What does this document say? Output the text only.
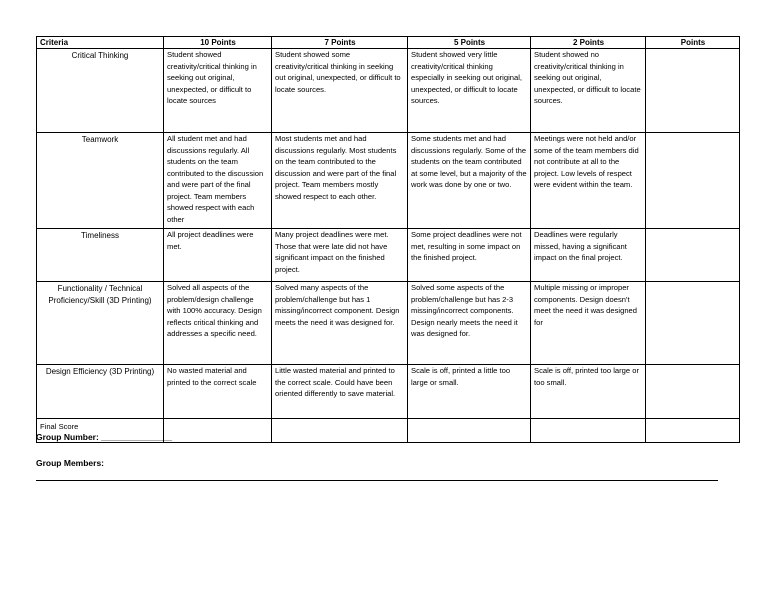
Criteria	10 Points	7 Points	5 Points	2 Points	Points
Critical Thinking	Student showed creativity/critical thinking in seeking out original, unexpected, or difficult to locate sources	Student showed some creativity/critical thinking in seeking out original, unexpected, or difficult to locate sources.	Student showed very little creativity/critical thinking especially in seeking out original, unexpected, or difficult to locate sources.	Student showed no creativity/critical thinking in seeking out original, unexpected, or difficult to locate sources.	
Teamwork	All student met and had discussions regularly. All students on the team contributed to the discussion and were part of the final project. Team members showed respect with each other	Most students met and had discussions regularly. Most students on the team contributed to the discussion and were part of the final project. Team members mostly showed respect to each other.	Some students met and had discussions regularly. Some of the students on the team contributed at some level, but a majority of the work was done by one or two.	Meetings were not held and/or some of the team members did not contribute at all to the project. Low levels of respect were evident within the team.	
Timeliness	All project deadlines were met.	Many project deadlines were met. Those that were late did not have significant impact on the finished project.	Some project deadlines were not met, resulting in some impact on the finished project.	Deadlines were regularly missed, having a significant impact on the final project.	
Functionality / Technical Proficiency/Skill (3D Printing)	Solved all aspects of the problem/design challenge with 100% accuracy. Design reflects critical thinking and addresses a specific need.	Solved many aspects of the problem/challenge but has 1 missing/incorrect component. Design meets the need it was designed for.	Solved some aspects of the problem/challenge but has 2-3 missing/incorrect components. Design nearly meets the need it was designed for.	Multiple missing or improper components. Design doesn't meet the need it was designed for	
Design Efficiency (3D Printing)	No wasted material and printed to the correct scale	Little wasted material and printed to the correct scale. Could have been oriented differently to save material.	Scale is off, printed a little too large or small.	Scale is off, printed too large or too small.	
Final Score					
Group Number: _______________
Group Members:
